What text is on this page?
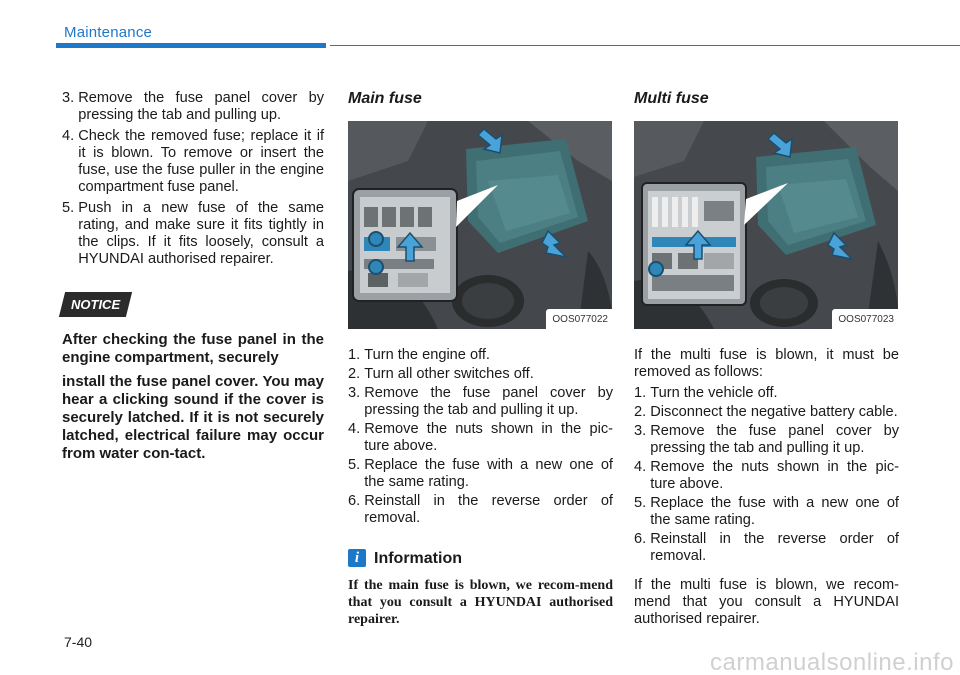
Maintenance
3. Remove the fuse panel cover by pressing the tab and pulling up.
4. Check the removed fuse; replace it if it is blown. To remove or insert the fuse, use the fuse puller in the engine compartment fuse panel.
5. Push in a new fuse of the same rating, and make sure it fits tightly in the clips. If it fits loosely, consult a HYUNDAI authorised repairer.
NOTICE

After checking the fuse panel in the engine compartment, securely

install the fuse panel cover. You may hear a clicking sound if the cover is securely latched. If it is not securely latched, electrical failure may occur from water con-tact.

Main fuse
OOS077022
1. Turn the engine off.
2. Turn all other switches off.
3. Remove the fuse panel cover by pressing the tab and pulling it up.
4. Remove the nuts shown in the pic-ture above.
5. Replace the fuse with a new one of the same rating.
6. Reinstall in the reverse order of removal.
i Information
If the main fuse is blown, we recom-mend that you consult a HYUNDAI authorised repairer.
Multi fuse
OOS077023
If the multi fuse is blown, it must be removed as follows:
1. Turn the vehicle off.
2. Disconnect the negative battery cable.
3. Remove the fuse panel cover by pressing the tab and pulling it up.
4. Remove the nuts shown in the pic-ture above.
5. Replace the fuse with a new one of the same rating.
6. Reinstall in the reverse order of removal.
If the multi fuse is blown, we recom-mend that you consult a HYUNDAI authorised repairer.
7-40
carmanualsonline.info
